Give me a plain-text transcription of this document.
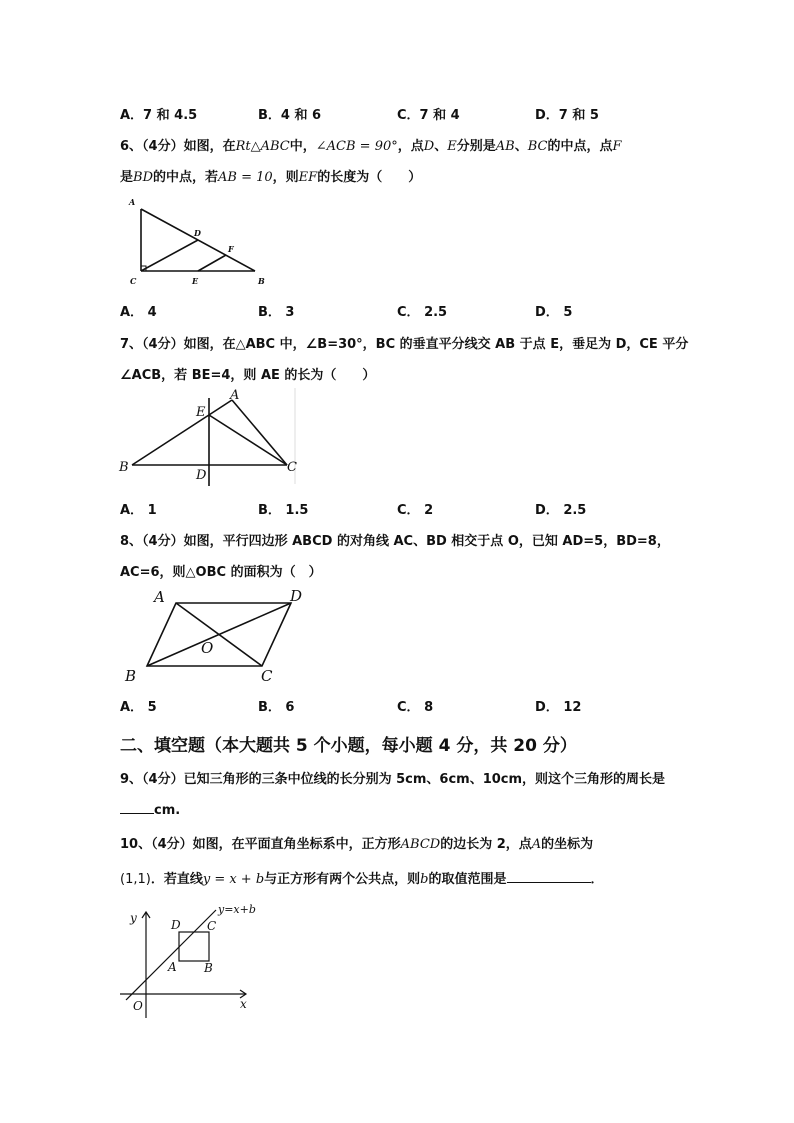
A．7 和 4.5	B．4 和 6	C．7 和 4	D．7 和 5
6、（4分）如图，在Rt△ABC中，∠ACB = 90°，点D、E分别是AB、BC的中点，点F
是BD的中点，若AB = 10，则EF的长度为（　　）
A
D
F
C	E	B
A． 4	B． 3	C． 2.5	D． 5
7、（4分）如图，在△ABC 中，∠B=30°，BC 的垂直平分线交 AB 于点 E，垂足为 D，CE 平分
∠ACB，若 BE=4，则 AE 的长为（　　）
A
E
B
D
C
A． 1	B． 1.5	C． 2	D． 2.5
8、（4分）如图，平行四边形 ABCD 的对角线 AC、BD 相交于点 O，已知 AD=5，BD=8，
AC=6，则△OBC 的面积为（　）
A	D
O
B	C
A． 5	B． 6	C． 8	D． 12
二、填空题（本大题共 5 个小题，每小题 4 分，共 20 分）
9、（4分）已知三角形的三条中位线的长分别为 5cm、6cm、10cm，则这个三角形的周长是
cm.
10、（4分）如图，在平面直角坐标系中，正方形ABCD的边长为 2，点A的坐标为
(1,1)．若直线y = x + b与正方形有两个公共点，则b的取值范围是	．
y
x
O
A B
C
D
y=x+b
